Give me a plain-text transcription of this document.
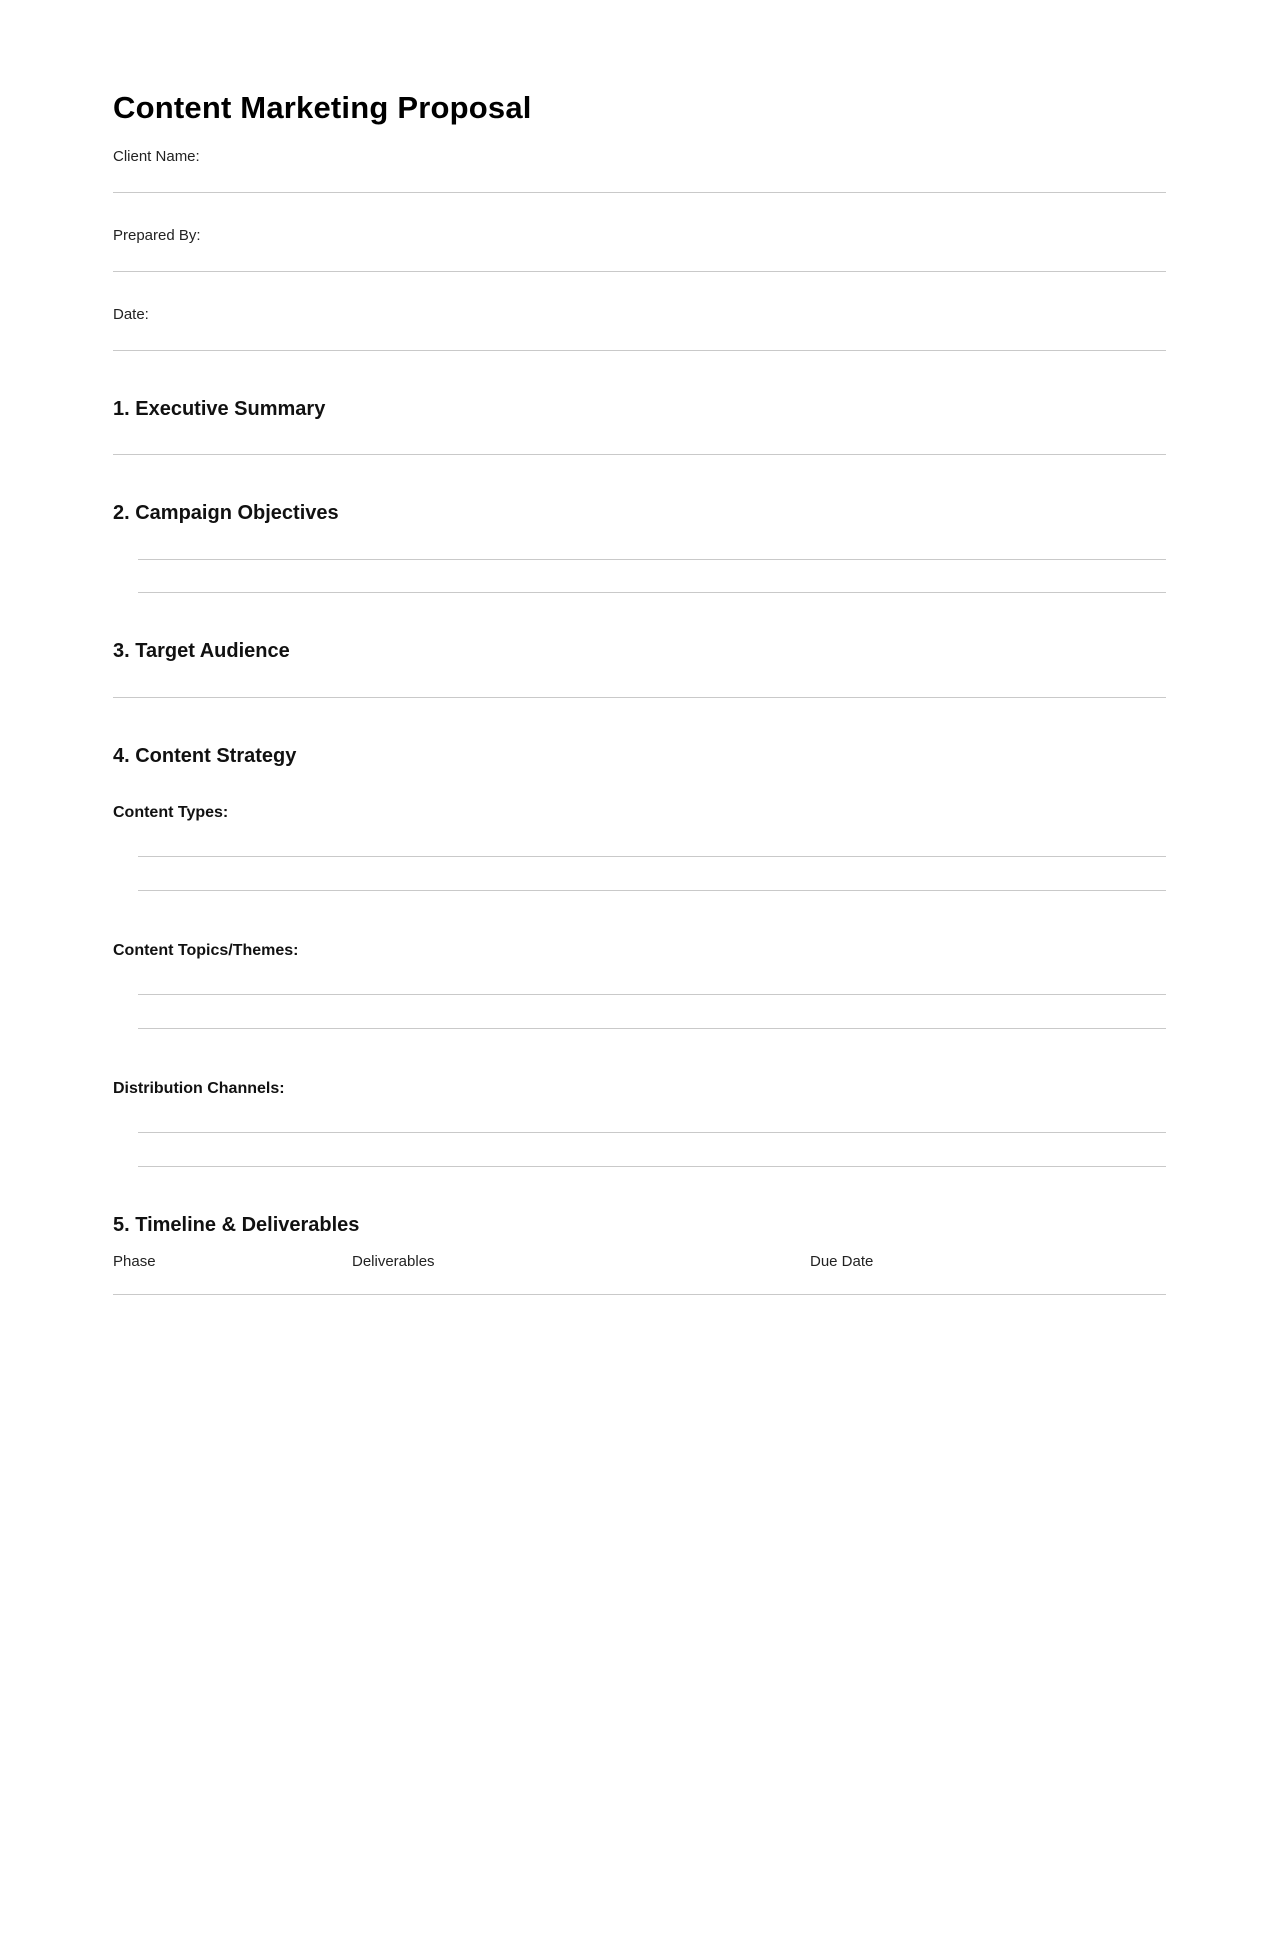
Content Marketing Proposal
Client Name:
Prepared By:
Date:
1. Executive Summary
2. Campaign Objectives
3. Target Audience
4. Content Strategy
Content Types:
Content Topics/Themes:
Distribution Channels:
5. Timeline & Deliverables
Phase	Deliverables	Due Date
